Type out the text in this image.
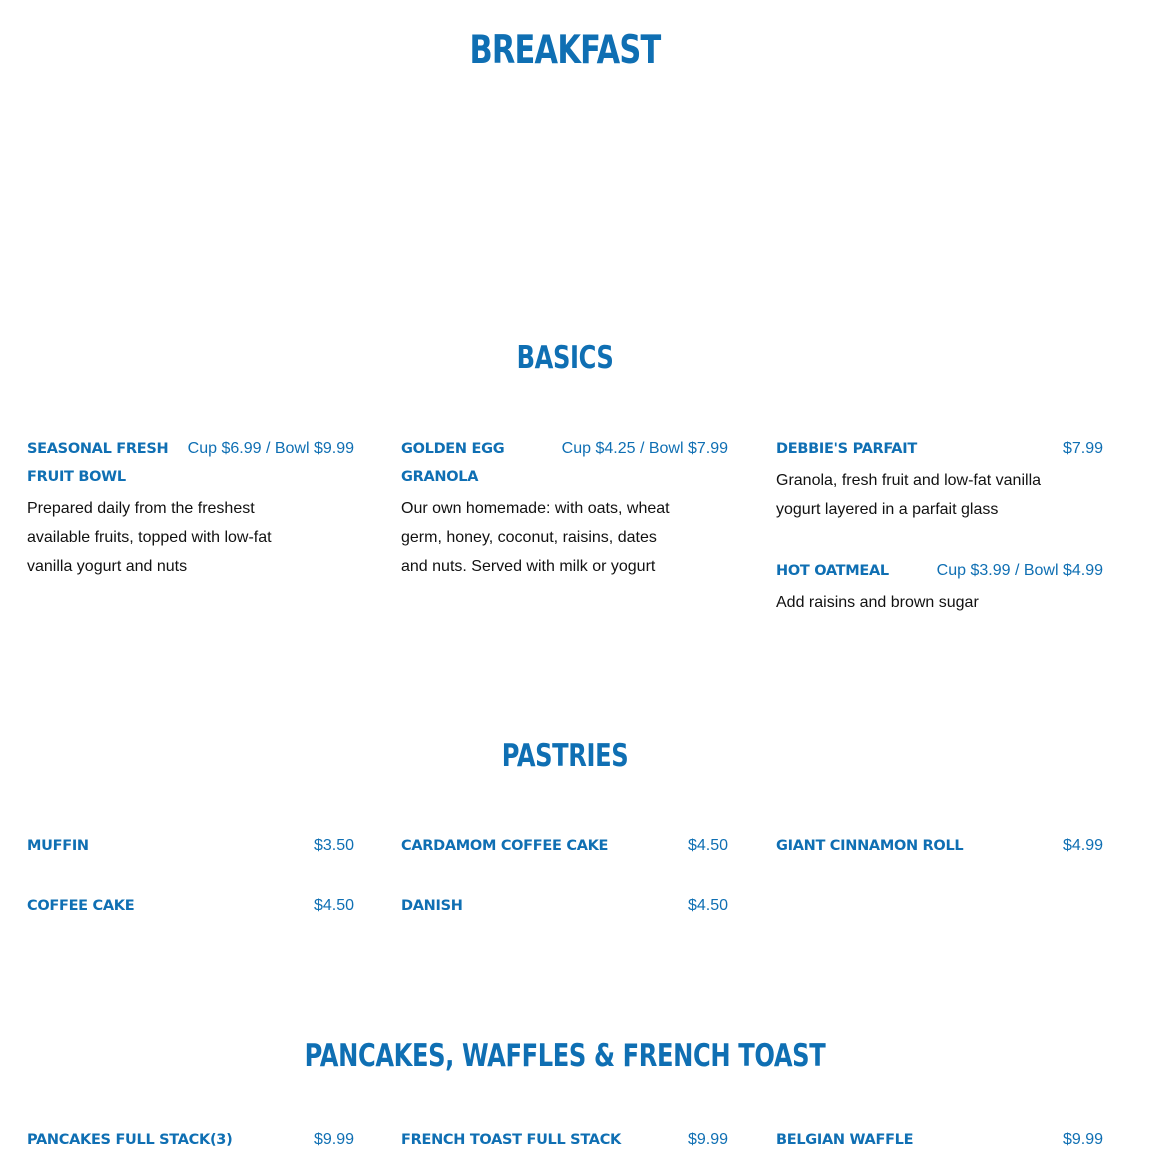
BREAKFAST
BASICS
SEASONAL FRESH FRUIT BOWL
Cup $6.99 / Bowl $9.99
Prepared daily from the freshest available fruits, topped with low-fat vanilla yogurt and nuts
GOLDEN EGG GRANOLA
Cup $4.25 / Bowl $7.99
Our own homemade: with oats, wheat germ, honey, coconut, raisins, dates and nuts. Served with milk or yogurt
DEBBIE'S PARFAIT	$7.99
Granola, fresh fruit and low-fat vanilla yogurt layered in a parfait glass
HOT OATMEAL	Cup $3.99 / Bowl $4.99
Add raisins and brown sugar
PASTRIES
MUFFIN	$3.50	CARDAMOM COFFEE CAKE	$4.50	GIANT CINNAMON ROLL	$4.99
COFFEE CAKE	$4.50	DANISH	$4.50
PANCAKES, WAFFLES & FRENCH TOAST
PANCAKES FULL STACK(3)	$9.99	FRENCH TOAST FULL STACK	$9.99	BELGIAN WAFFLE	$9.99
